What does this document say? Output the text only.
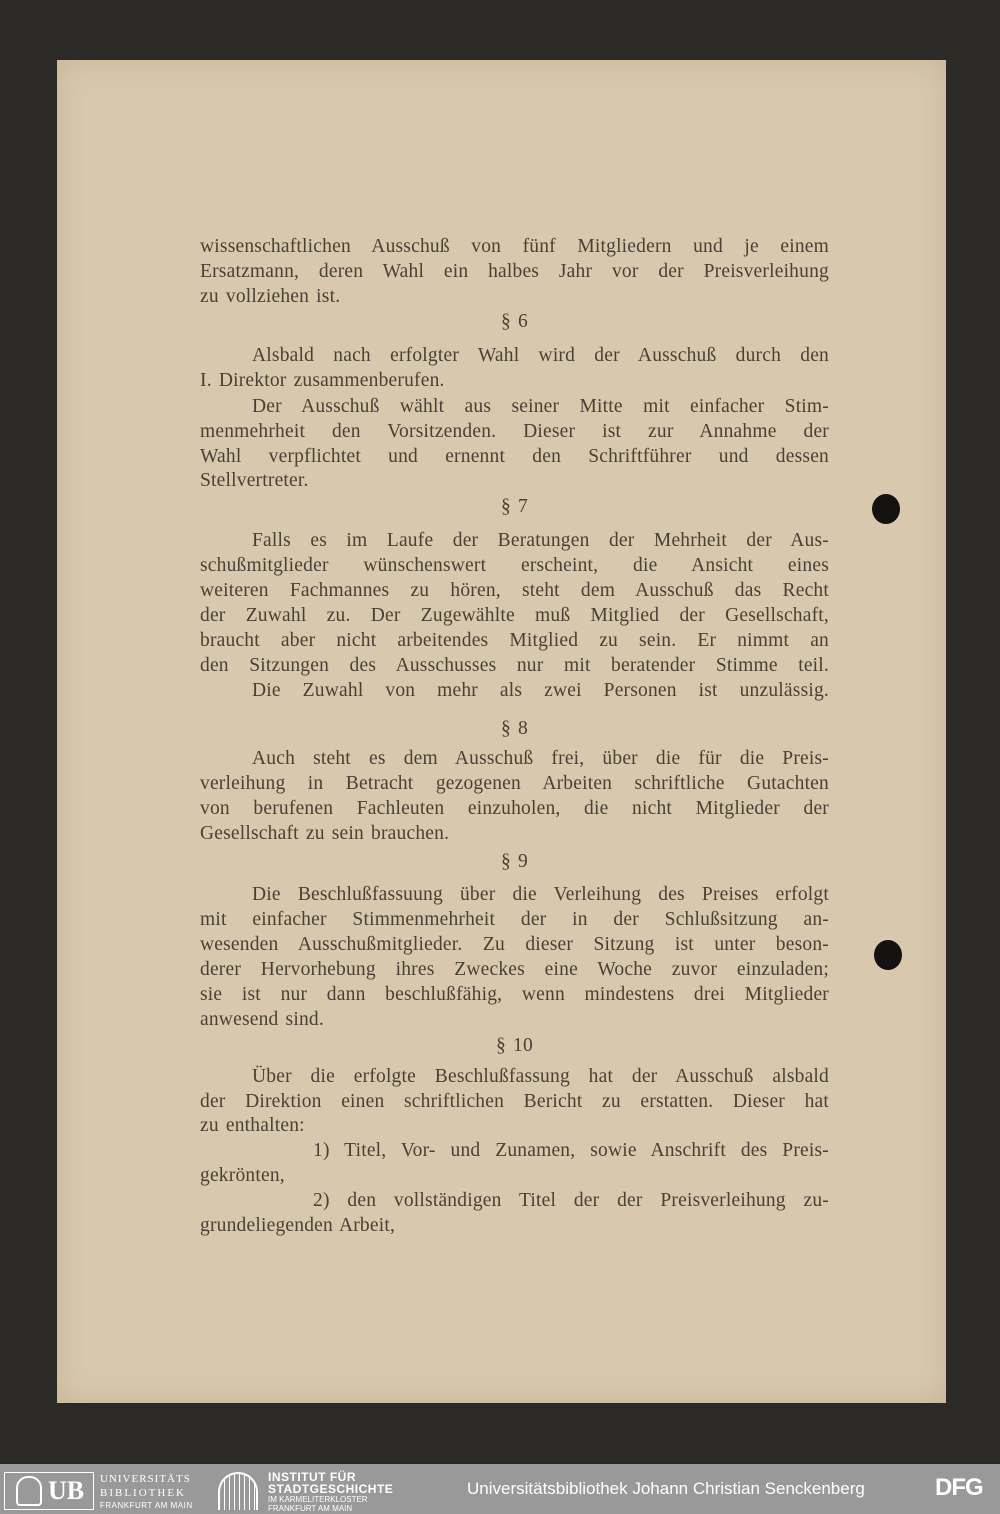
wissenschaftlichen Ausschuß von fünf Mitgliedern und je einem
Ersatzmann, deren Wahl ein halbes Jahr vor der Preisverleihung
zu vollziehen ist.
§ 6
Alsbald nach erfolgter Wahl wird der Ausschuß durch den
I. Direktor zusammenberufen.
Der Ausschuß wählt aus seiner Mitte mit einfacher Stim-
menmehrheit den Vorsitzenden. Dieser ist zur Annahme der
Wahl verpflichtet und ernennt den Schriftführer und dessen
Stellvertreter.
§ 7
Falls es im Laufe der Beratungen der Mehrheit der Aus-
schußmitglieder wünschenswert erscheint, die Ansicht eines
weiteren Fachmannes zu hören, steht dem Ausschuß das Recht
der Zuwahl zu. Der Zugewählte muß Mitglied der Gesellschaft,
braucht aber nicht arbeitendes Mitglied zu sein. Er nimmt an
den Sitzungen des Ausschusses nur mit beratender Stimme teil.
Die Zuwahl von mehr als zwei Personen ist unzulässig.
§ 8
Auch steht es dem Ausschuß frei, über die für die Preis-
verleihung in Betracht gezogenen Arbeiten schriftliche Gutachten
von berufenen Fachleuten einzuholen, die nicht Mitglieder der
Gesellschaft zu sein brauchen.
§ 9
Die Beschlußfassuung über die Verleihung des Preises erfolgt
mit einfacher Stimmenmehrheit der in der Schlußsitzung an-
wesenden Ausschußmitglieder. Zu dieser Sitzung ist unter beson-
derer Hervorhebung ihres Zweckes eine Woche zuvor einzuladen;
sie ist nur dann beschlußfähig, wenn mindestens drei Mitglieder
anwesend sind.
§ 10
Über die erfolgte Beschlußfassung hat der Ausschuß alsbald
der Direktion einen schriftlichen Bericht zu erstatten. Dieser hat
zu enthalten:
1) Titel, Vor- und Zunamen, sowie Anschrift des Preis-
gekrönten,
2) den vollständigen Titel der der Preisverleihung zu-
grundeliegenden Arbeit,
UB UNIVERSITÄTS
BIBLIOTHEK
FRANKFURT AM MAIN
INSTITUT FÜR
STADTGESCHICHTE
IM KARMELITERKLOSTER
FRANKFURT AM MAIN
Universitätsbibliothek Johann Christian Senckenberg	DFG
